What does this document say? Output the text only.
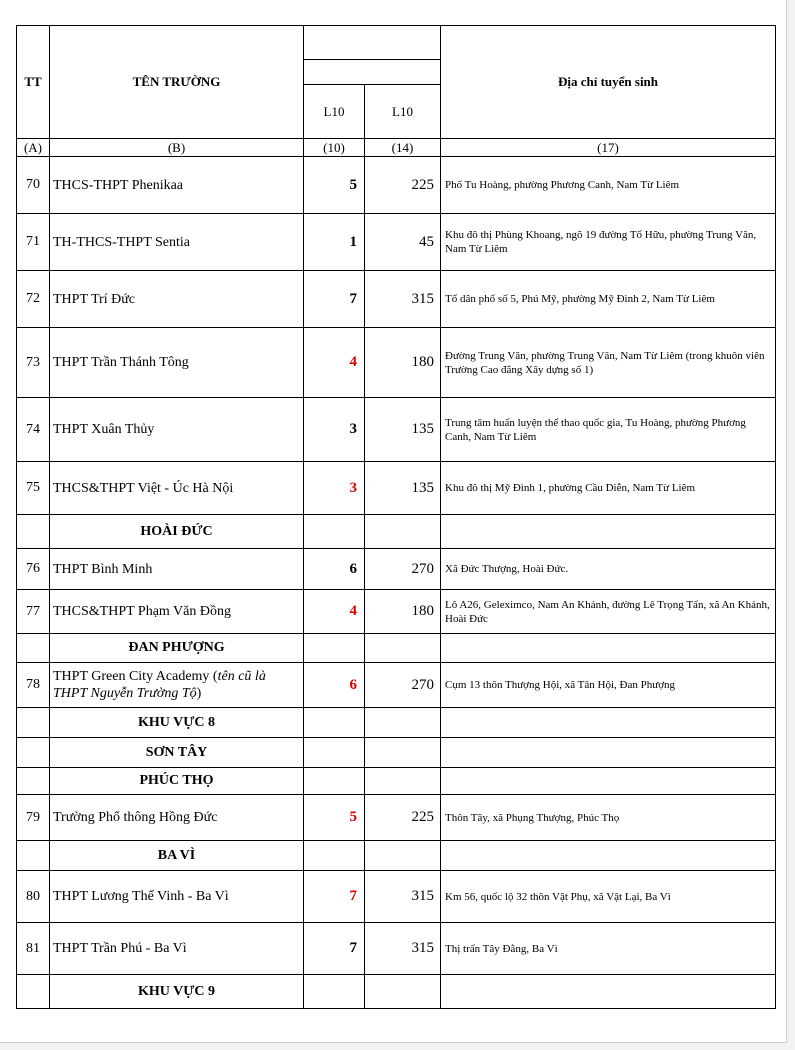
TT	TÊN TRƯỜNG			Địa chỉ tuyển sinh

		L10	L10	
(A)	(B)	(10)	(14)	(17)
70	THCS-THPT Phenikaa	5	225	Phố Tu Hoàng, phường Phương Canh, Nam Từ Liêm
71	TH-THCS-THPT Sentia	1	45	Khu đô thị Phùng Khoang, ngõ 19 đường Tố Hữu, phường Trung Văn, Nam Từ Liêm
72	THPT Trí Đức	7	315	Tổ dân phố số 5, Phú Mỹ, phường Mỹ Đình 2, Nam Từ Liêm
73	THPT Trần Thánh Tông	4	180	Đường Trung Văn, phường Trung Văn, Nam Từ Liêm (trong khuôn viên Trường Cao đẳng Xây dựng số 1)
74	THPT Xuân Thủy	3	135	Trung tâm huấn luyện thể thao quốc gia, Tu Hoàng, phường Phương Canh, Nam Từ Liêm
75	THCS&THPT Việt - Úc Hà Nội	3	135	Khu đô thị Mỹ Đình 1, phường Cầu Diễn, Nam Từ Liêm
	HOÀI ĐỨC			
76	THPT Bình Minh	6	270	Xã Đức Thượng, Hoài Đức.
77	THCS&THPT Phạm Văn Đồng	4	180	Lô A26, Geleximco, Nam An Khánh, đường Lê Trọng Tấn, xã An Khánh, Hoài Đức
	ĐAN PHƯỢNG			
78	THPT Green City Academy (tên cũ là THPT Nguyễn Trường Tộ)	6	270	Cụm 13 thôn Thượng Hội, xã Tân Hội, Đan Phượng
	KHU VỰC 8			
	SƠN TÂY			
	PHÚC THỌ			
79	Trường Phổ thông Hồng Đức	5	225	Thôn Tây, xã Phụng Thượng, Phúc Thọ
	BA VÌ			
80	THPT Lương Thế Vinh - Ba Vì	7	315	Km 56, quốc lộ 32 thôn Vật Phụ, xã Vật Lại, Ba Vì
81	THPT Trần Phú - Ba Vì	7	315	Thị trấn Tây Đằng, Ba Vì
	KHU VỰC 9			
